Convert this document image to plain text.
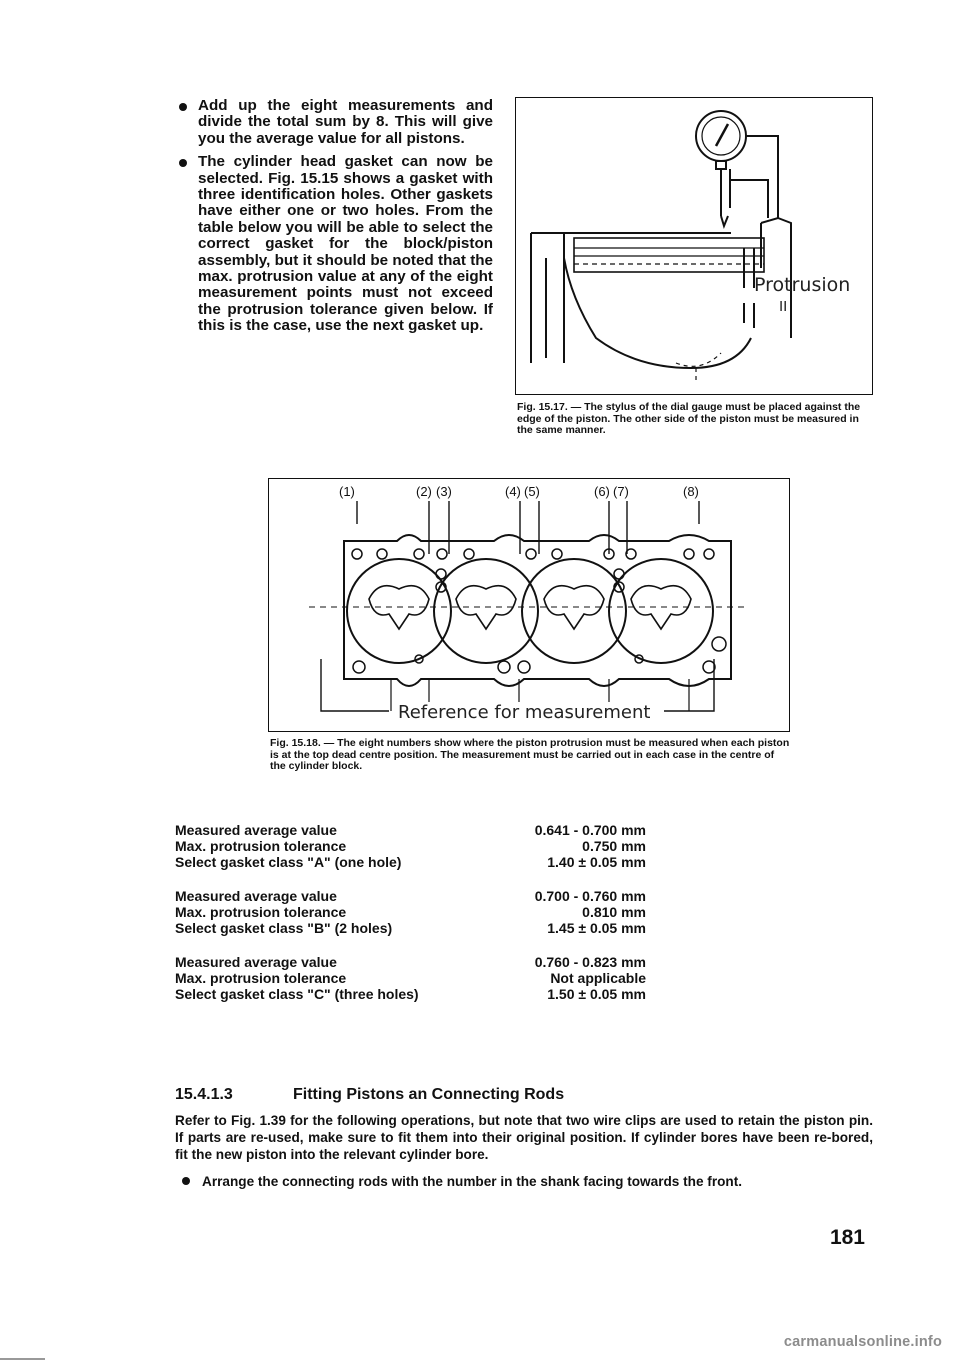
Add up the eight measurements and divide the total sum by 8. This will give you the average value for all pistons.
The cylinder head gasket can now be selected. Fig. 15.15 shows a gasket with three identification holes. Other gaskets have either one or two holes. From the table below you will be able to select the correct gasket for the block/piston assembly, but it should be noted that the max. protrusion value at any of the eight measurement points must not exceed the protrusion tolerance given below. If this is the case, use the next gasket up.
Protrusion
II
Fig. 15.17. — The stylus of the dial gauge must be placed against the edge of the piston. The other side of the piston must be measured in the same manner.
(1)	(2) (3)	(4) (5)	(6) (7)	(8)
Reference for measurement
Fig. 15.18. — The eight numbers show where the piston protrusion must be measured when each piston is at the top dead centre position. The measurement must be carried out in each case in the centre of the cylinder block.
Measured average value	0.641 - 0.700 mm
Max. protrusion tolerance	0.750 mm
Select gasket class "A" (one hole)	1.40 ± 0.05 mm
Measured average value	0.700 - 0.760 mm
Max. protrusion tolerance	0.810 mm
Select gasket class "B" (2 holes)	1.45 ± 0.05 mm
Measured average value	0.760 - 0.823 mm
Max. protrusion tolerance	Not applicable
Select gasket class "C" (three holes)	1.50 ± 0.05 mm
15.4.1.3	Fitting Pistons an Connecting Rods
Refer to Fig. 1.39 for the following operations, but note that two wire clips are used to retain the piston pin. If parts are re-used, make sure to fit them into their original position. If cylinder bores have been re-bored, fit the new piston into the relevant cylinder bore.
Arrange the connecting rods with the number in the shank facing towards the front.
181
carmanualsonline.info
